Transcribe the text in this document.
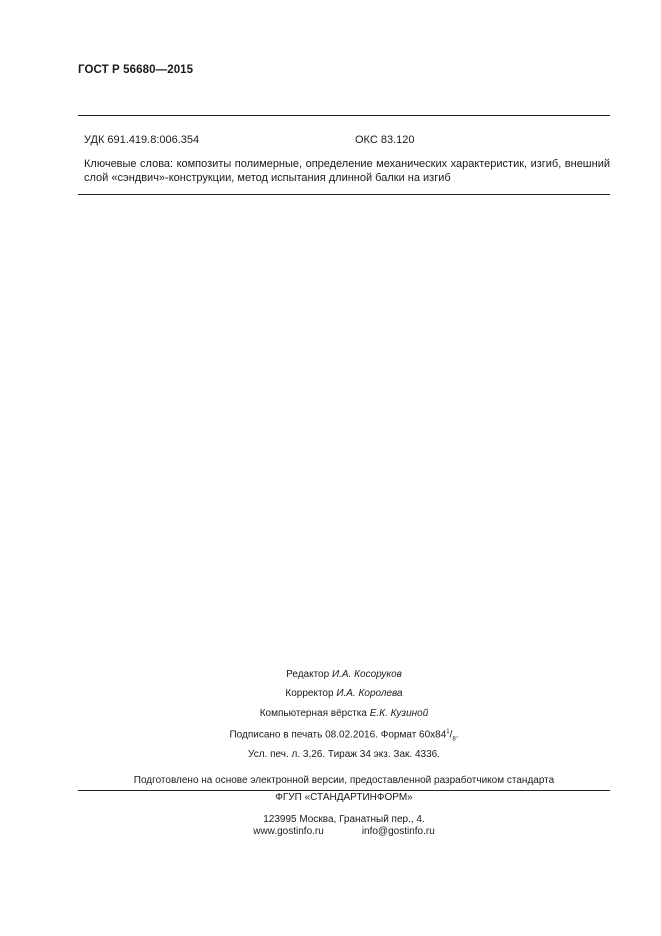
ГОСТ Р 56680—2015
УДК 691.419.8:006.354	ОКС 83.120
Ключевые слова: композиты полимерные, определение механических характеристик, изгиб, внешний слой «сэндвич»-конструкции, метод испытания длинной балки на изгиб
Редактор И.А. Косоруков
Корректор И.А. Королева
Компьютерная вёрстка Е.К. Кузиной
Подписано в печать 08.02.2016. Формат $60x84^1/_8$.
Усл. печ. л. 3,26. Тираж 34 экз. Зак. 4336.
Подготовлено на основе электронной версии, предоставленной разработчиком стандарта
ФГУП «СТАНДАРТИНФОРМ»
123995 Москва, Гранатный пер., 4.
www.gostinfo.ru	info@gostinfo.ru
